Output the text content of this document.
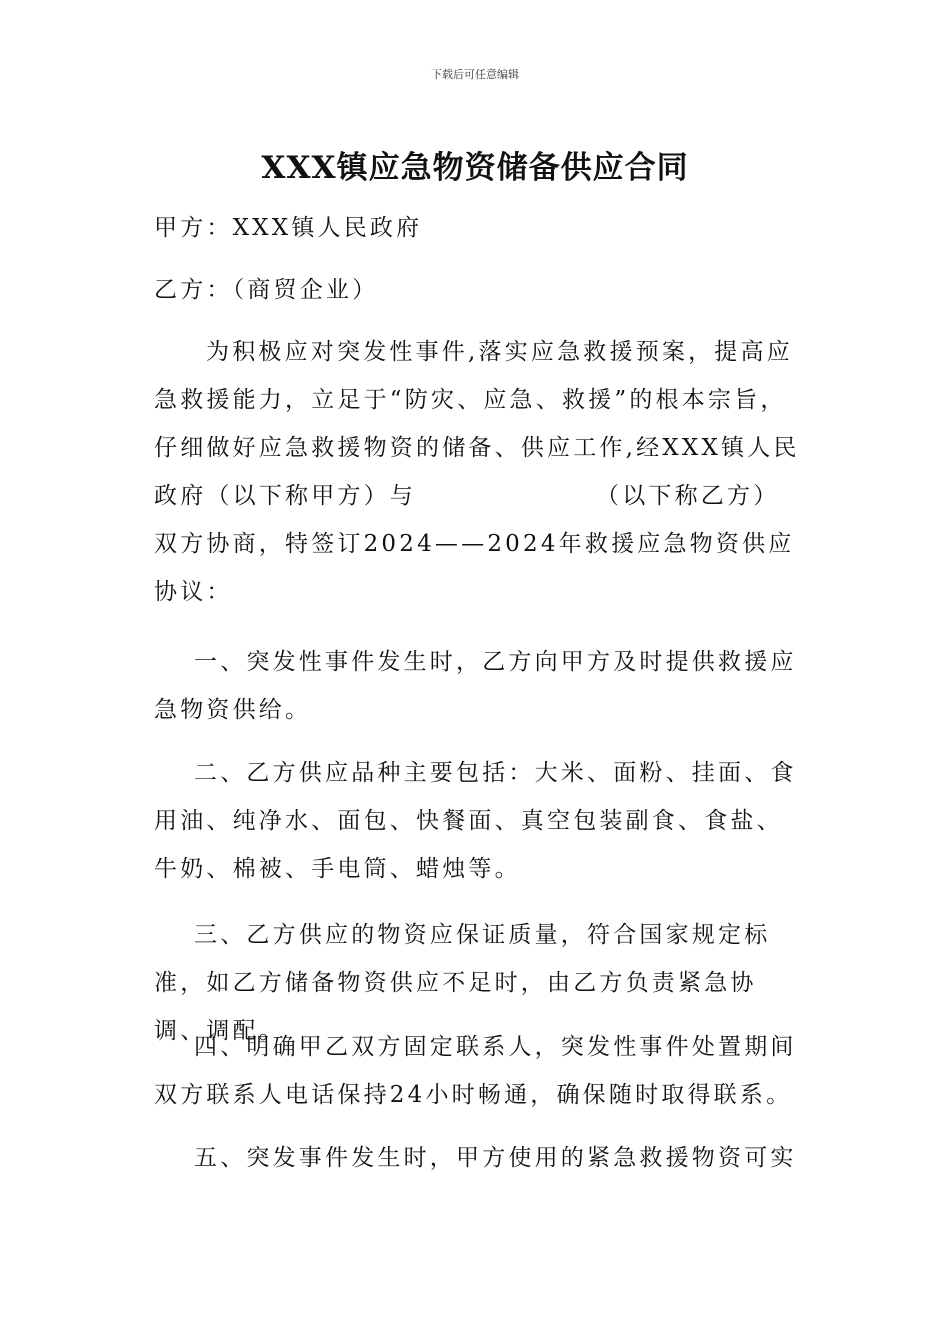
下载后可任意编辑
XXX镇应急物资储备供应合同

甲方：XXX镇人民政府

乙方：（商贸企业）

为积极应对突发性事件,落实应急救援预案，提高应急救援能力，立足于“防灾、应急、救援”的根本宗旨，仔细做好应急救援物资的储备、供应工作,经XXX镇人民政府（以下称甲方）与	（以下称乙方）双方协商，特签订2024——2024年救援应急物资供应协议：

一、突发性事件发生时，乙方向甲方及时提供救援应急物资供给。

二、乙方供应品种主要包括：大米、面粉、挂面、食用油、纯净水、面包、快餐面、真空包装副食、食盐、牛奶、棉被、手电筒、蜡烛等。

三、乙方供应的物资应保证质量，符合国家规定标准，如乙方储备物资供应不足时，由乙方负责紧急协调、调配。

四、明确甲乙双方固定联系人，突发性事件处置期间双方联系人电话保持24小时畅通，确保随时取得联系。

五、突发事件发生时，甲方使用的紧急救援物资可实
